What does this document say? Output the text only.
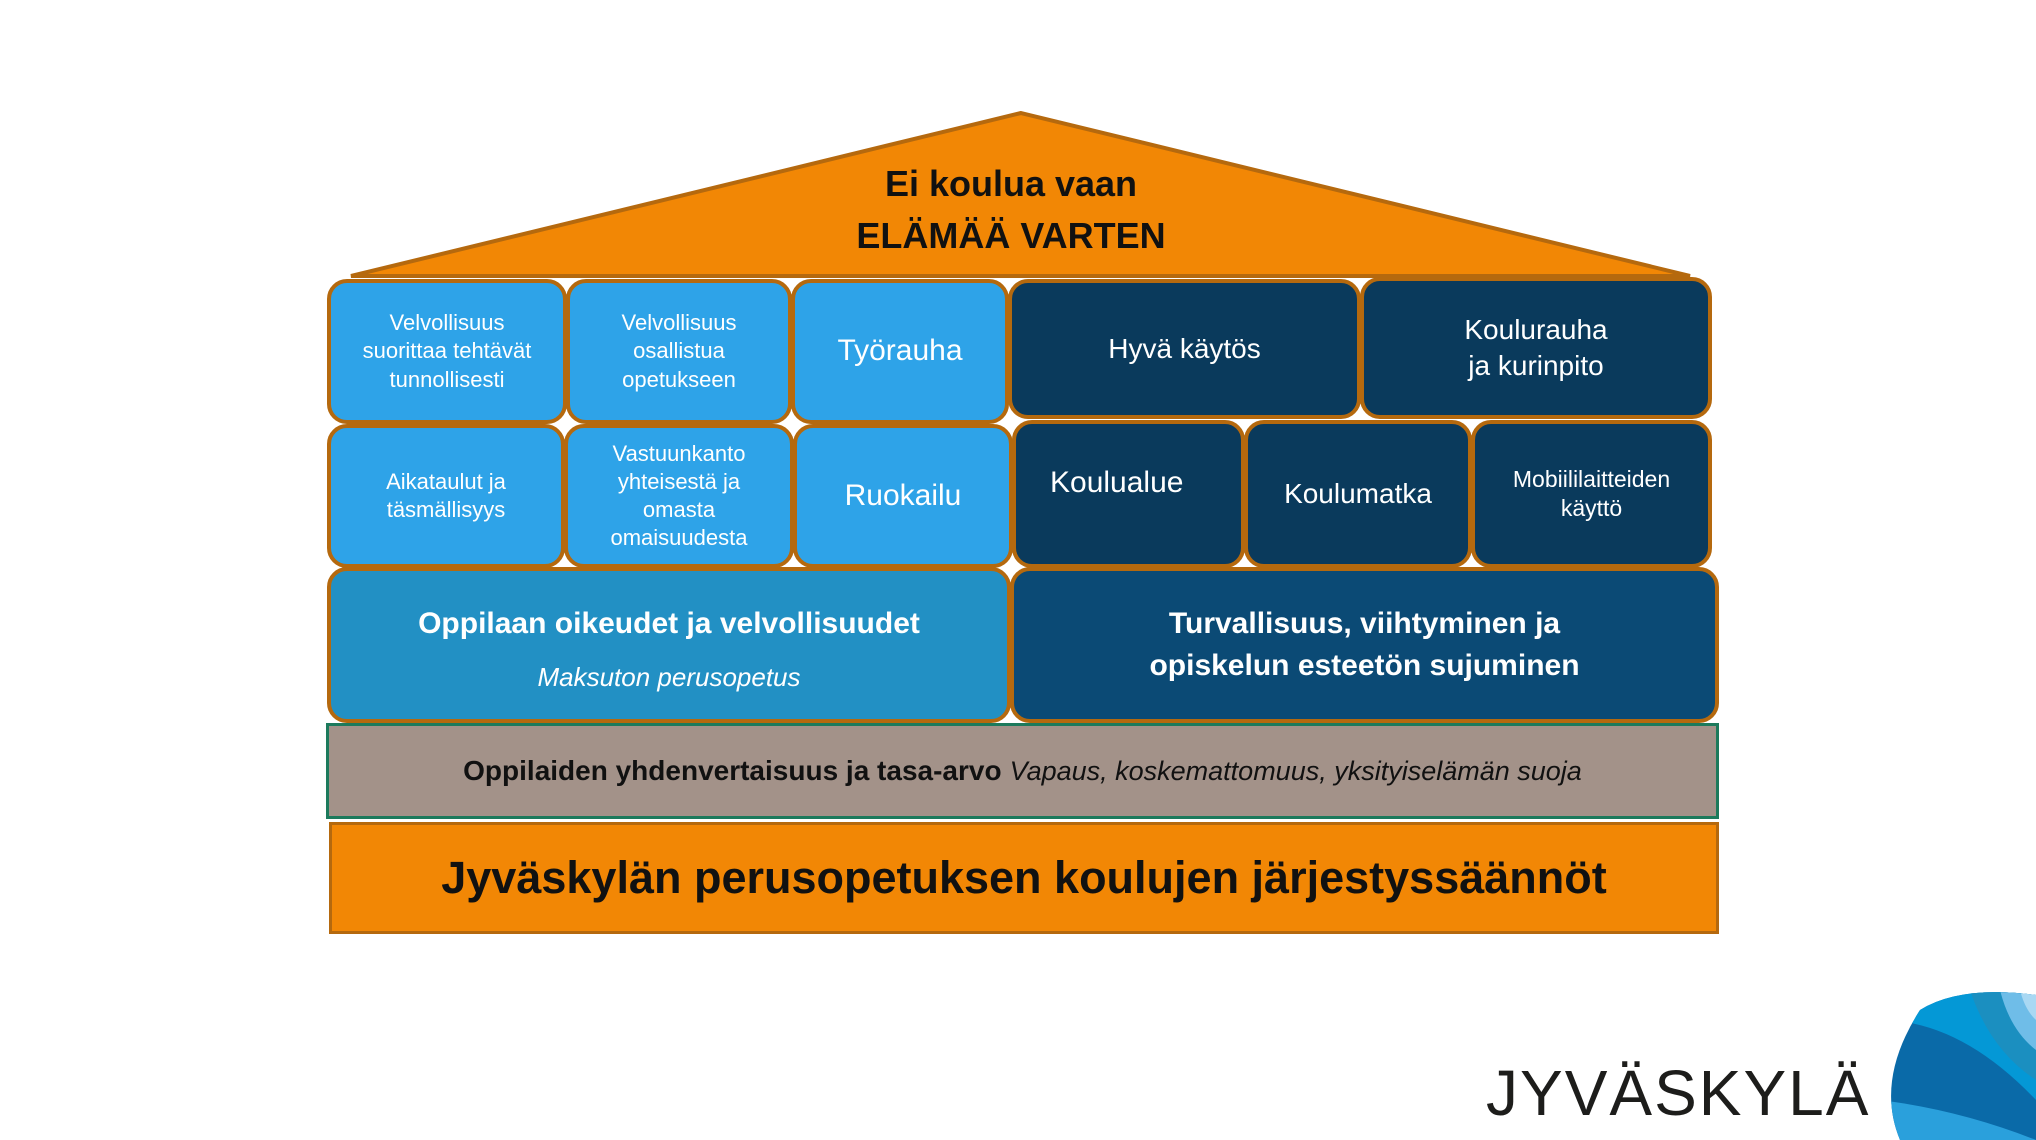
Ei koulua vaan
ELÄMÄÄ VARTEN
Velvollisuus
suorittaa tehtävät
tunnollisesti
Velvollisuus
osallistua
opetukseen
Työrauha	Hyvä käytös
Koulurauha
ja kurinpito
Aikataulut ja
täsmällisyys
Vastuunkanto
yhteisestä ja
omasta
omaisuudesta
Ruokailu	Koulualue	Koulumatka	Mobiililaitteiden
käyttö
Oppilaan oikeudet ja velvollisuudet
Maksuton perusopetus
Turvallisuus, viihtyminen ja
opiskelun esteetön sujuminen
Oppilaiden yhdenvertaisuus ja tasa-arvo Vapaus, koskemattomuus, yksityiselämän suoja
Jyväskylän perusopetuksen koulujen järjestyssäännöt
JYVÄSKYLÄ
